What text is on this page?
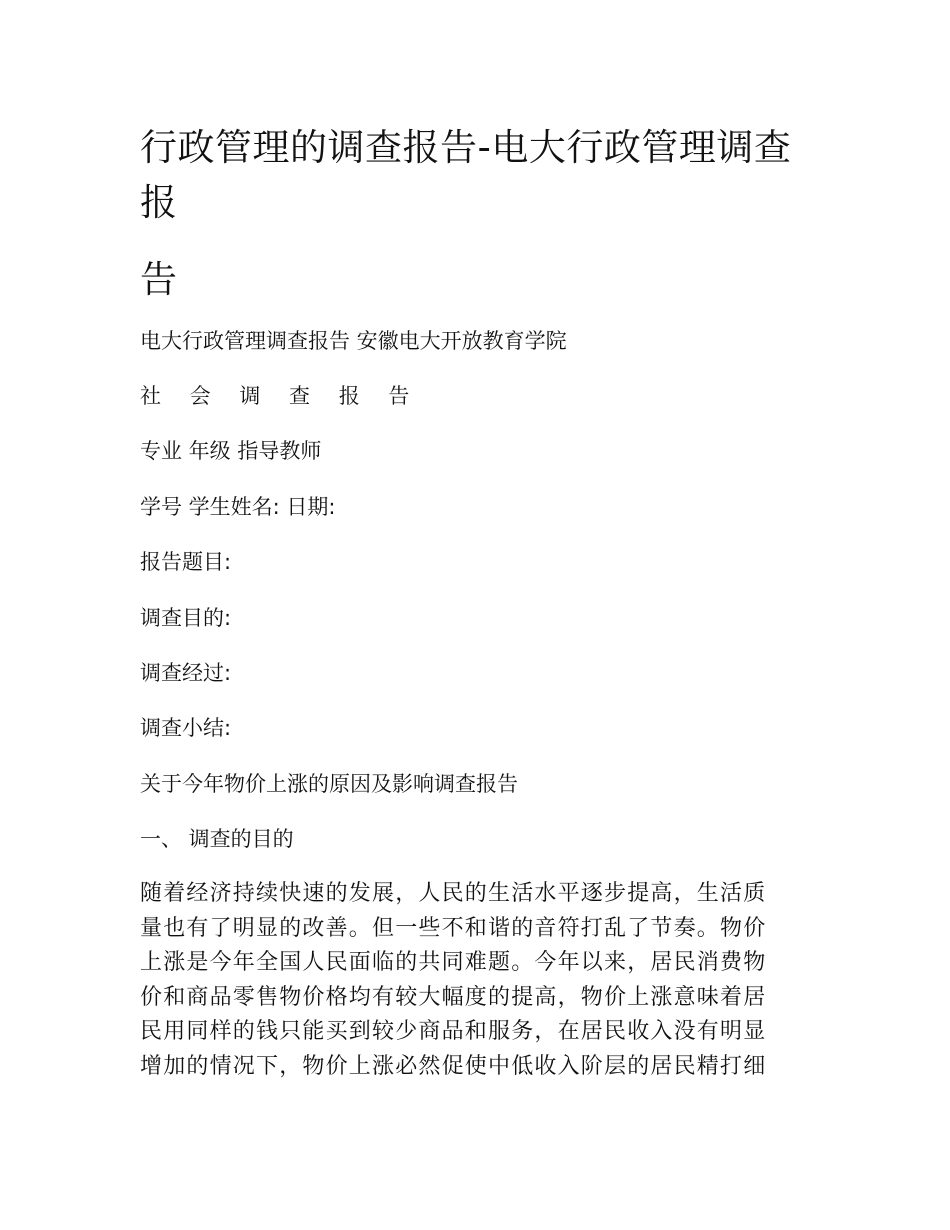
行政管理的调查报告-电大行政管理调查
报
告
电大行政管理调查报告 安徽电大开放教育学院
社 会 调 查 报 告
专业 年级 指导教师
学号 学生姓名: 日期:
报告题目:
调查目的:
调查经过:
调查小结:
关于今年物价上涨的原因及影响调查报告
一、 调查的目的
随着经济持续快速的发展，人民的生活水平逐步提高，生活质
量也有了明显的改善。但一些不和谐的音符打乱了节奏。物价
上涨是今年全国人民面临的共同难题。今年以来，居民消费物
价和商品零售物价格均有较大幅度的提高，物价上涨意味着居
民用同样的钱只能买到较少商品和服务，在居民收入没有明显
增加的情况下，物价上涨必然促使中低收入阶层的居民精打细
